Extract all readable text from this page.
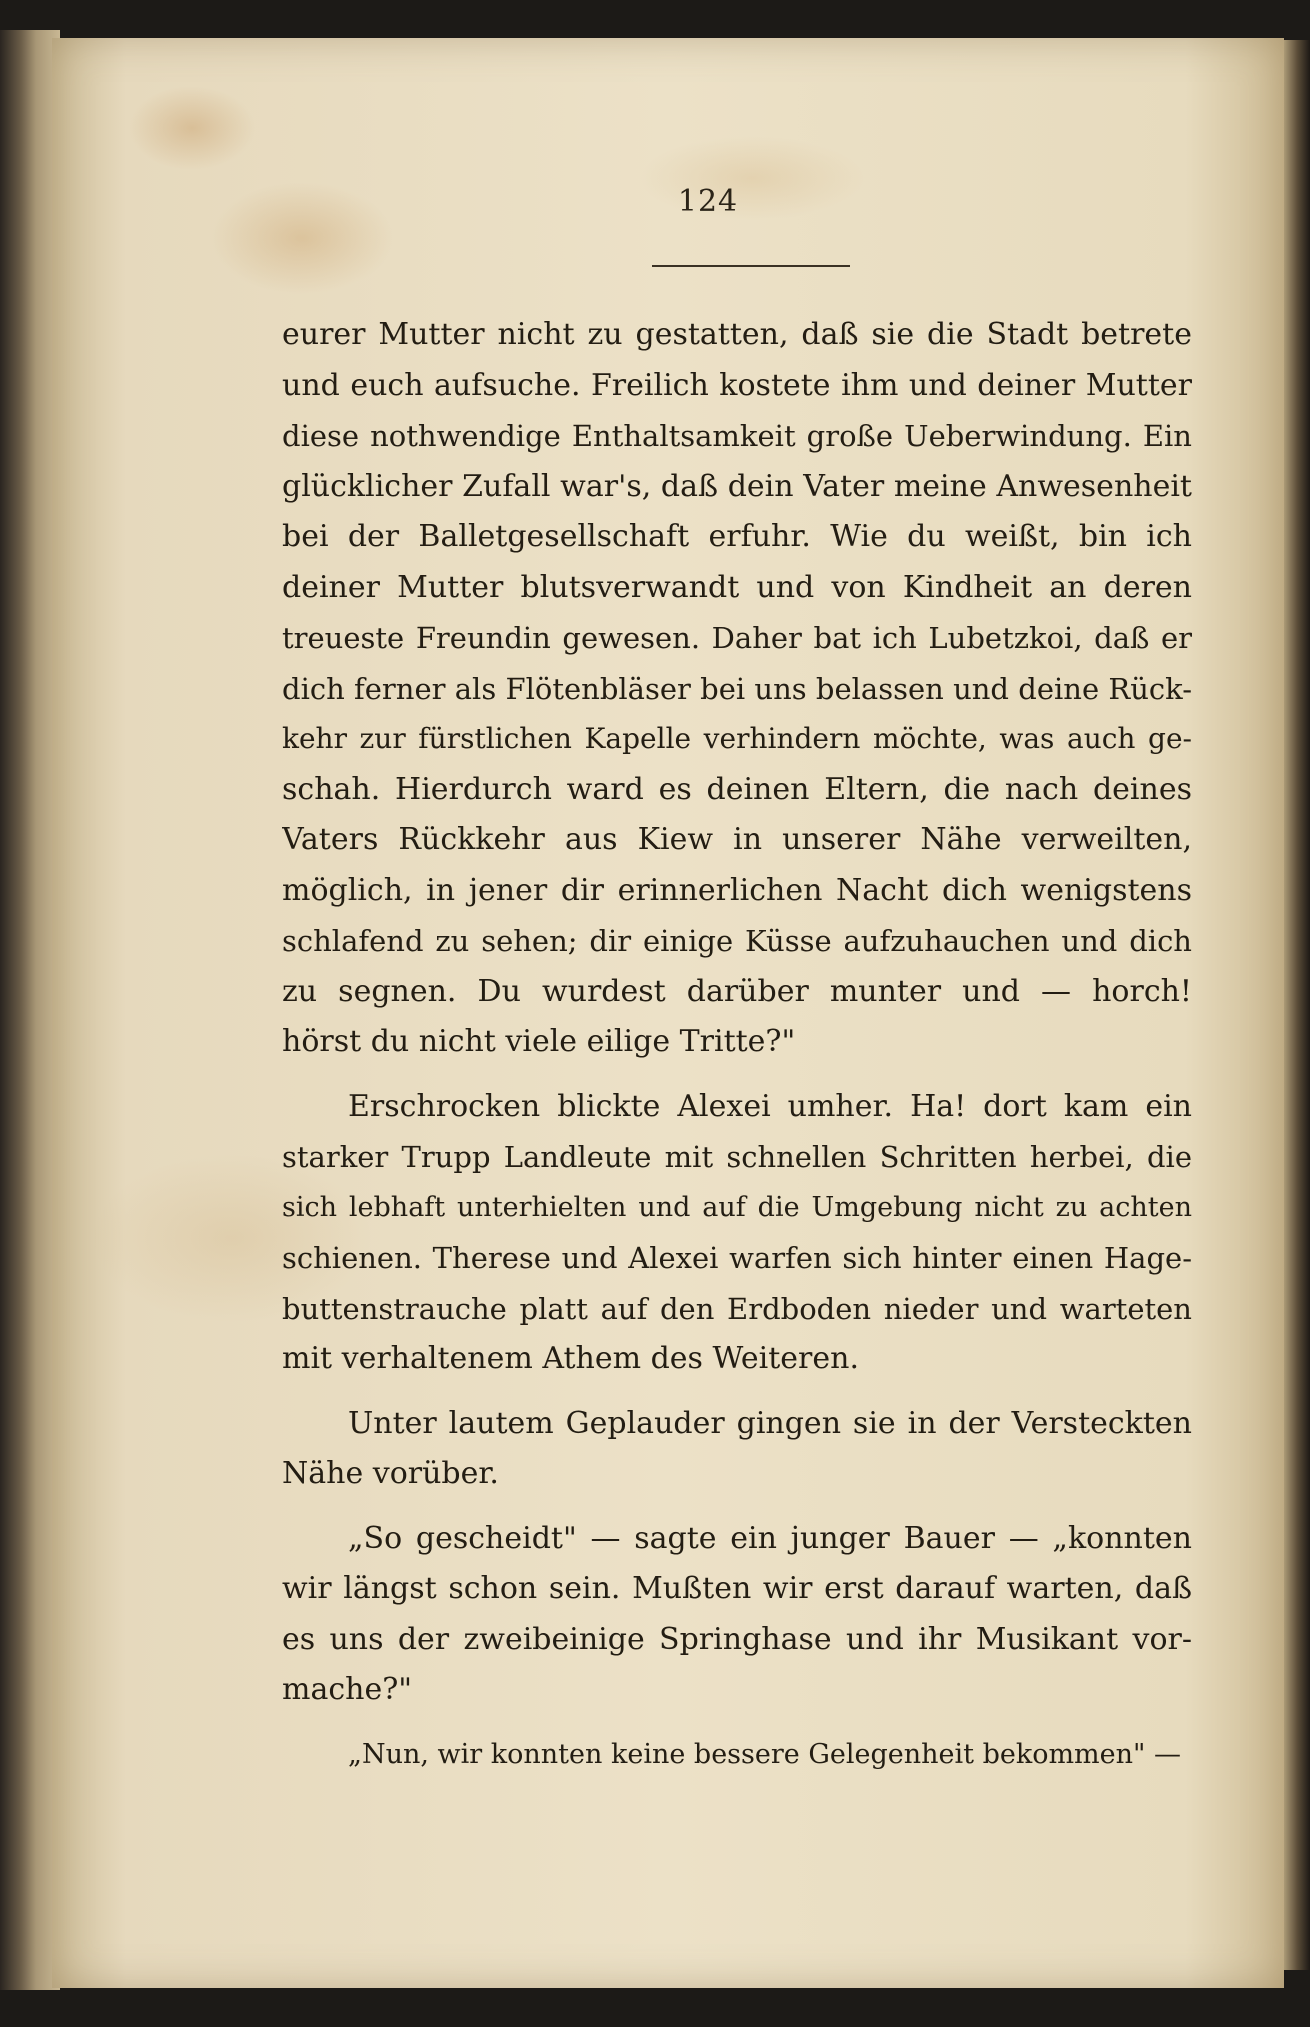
124
eurer Mutter nicht zu gestatten, daß sie die Stadt betrete
und euch aufsuche. Freilich kostete ihm und deiner Mutter
diese nothwendige Enthaltsamkeit große Ueberwindung. Ein
glücklicher Zufall war's, daß dein Vater meine Anwesenheit
bei der Balletgesellschaft erfuhr. Wie du weißt, bin ich
deiner Mutter blutsverwandt und von Kindheit an deren
treueste Freundin gewesen. Daher bat ich Lubetzkoi, daß er
dich ferner als Flötenbläser bei uns belassen und deine Rück-
kehr zur fürstlichen Kapelle verhindern möchte, was auch ge-
schah. Hierdurch ward es deinen Eltern, die nach deines
Vaters Rückkehr aus Kiew in unserer Nähe verweilten,
möglich, in jener dir erinnerlichen Nacht dich wenigstens
schlafend zu sehen; dir einige Küsse aufzuhauchen und dich
zu segnen. Du wurdest darüber munter und — horch!
hörst du nicht viele eilige Tritte?"
Erschrocken blickte Alexei umher. Ha! dort kam ein
starker Trupp Landleute mit schnellen Schritten herbei, die
sich lebhaft unterhielten und auf die Umgebung nicht zu achten
schienen. Therese und Alexei warfen sich hinter einen Hage-
buttenstrauche platt auf den Erdboden nieder und warteten
mit verhaltenem Athem des Weiteren.
Unter lautem Geplauder gingen sie in der Versteckten
Nähe vorüber.
„So gescheidt" — sagte ein junger Bauer — „konnten
wir längst schon sein. Mußten wir erst darauf warten, daß
es uns der zweibeinige Springhase und ihr Musikant vor-
mache?"
„Nun, wir konnten keine bessere Gelegenheit bekommen" —
